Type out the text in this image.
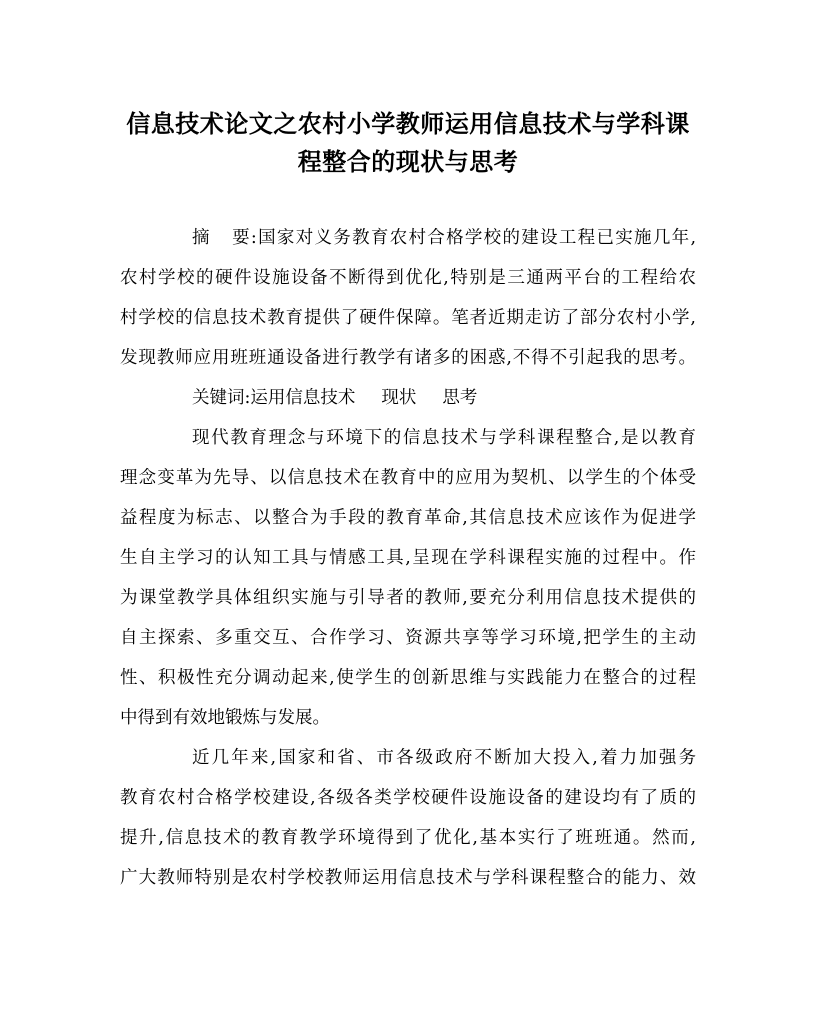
信息技术论文之农村小学教师运用信息技术与学科课
程整合的现状与思考
摘 要:国家对义务教育农村合格学校的建设工程已实施几年,
农村学校的硬件设施设备不断得到优化,特别是三通两平台的工程给农
村学校的信息技术教育提供了硬件保障。笔者近期走访了部分农村小学,
发现教师应用班班通设备进行教学有诸多的困惑,不得不引起我的思考。
关键词:运用信息技术 现状 思考
现代教育理念与环境下的信息技术与学科课程整合,是以教育
理念变革为先导、以信息技术在教育中的应用为契机、以学生的个体受
益程度为标志、以整合为手段的教育革命,其信息技术应该作为促进学
生自主学习的认知工具与情感工具,呈现在学科课程实施的过程中。作
为课堂教学具体组织实施与引导者的教师,要充分利用信息技术提供的
自主探索、多重交互、合作学习、资源共享等学习环境,把学生的主动
性、积极性充分调动起来,使学生的创新思维与实践能力在整合的过程
中得到有效地锻炼与发展。
近几年来,国家和省、市各级政府不断加大投入,着力加强务
教育农村合格学校建设,各级各类学校硬件设施设备的建设均有了质的
提升,信息技术的教育教学环境得到了优化,基本实行了班班通。然而,
广大教师特别是农村学校教师运用信息技术与学科课程整合的能力、效
